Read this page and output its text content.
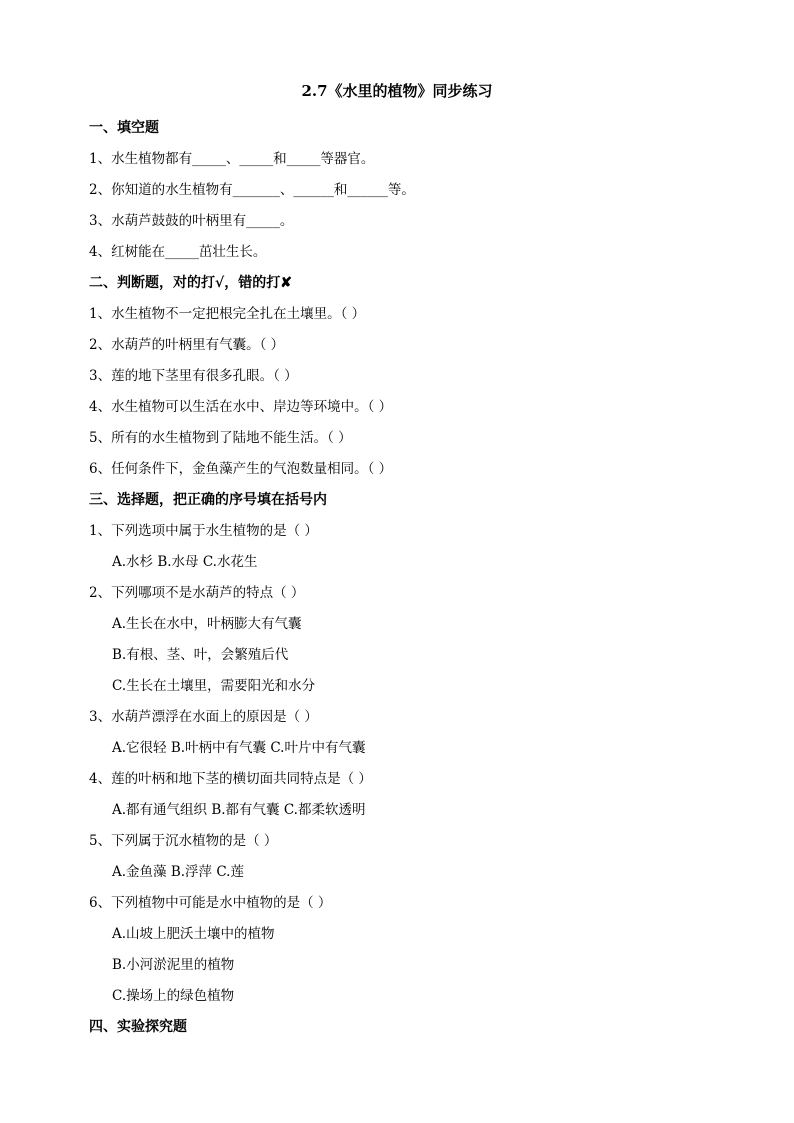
2.7《水里的植物》同步练习
一、填空题
1、水生植物都有_____、_____和_____等器官。
2、你知道的水生植物有_______、______和______等。
3、水葫芦鼓鼓的叶柄里有_____。
4、红树能在_____茁壮生长。
二、判断题，对的打√，错的打✘
1、水生植物不一定把根完全扎在土壤里。（ ）
2、水葫芦的叶柄里有气囊。（ ）
3、莲的地下茎里有很多孔眼。（ ）
4、水生植物可以生活在水中、岸边等环境中。（ ）
5、所有的水生植物到了陆地不能生活。（ ）
6、任何条件下，金鱼藻产生的气泡数量相同。（ ）
三、选择题，把正确的序号填在括号内
1、下列选项中属于水生植物的是（ ）
A.水杉 B.水母 C.水花生
2、下列哪项不是水葫芦的特点（ ）
A.生长在水中，叶柄膨大有气囊
B.有根、茎、叶，会繁殖后代
C.生长在土壤里，需要阳光和水分
3、水葫芦漂浮在水面上的原因是（ ）
A.它很轻 B.叶柄中有气囊 C.叶片中有气囊
4、莲的叶柄和地下茎的横切面共同特点是（ ）
A.都有通气组织 B.都有气囊 C.都柔软透明
5、下列属于沉水植物的是（ ）
A.金鱼藻 B.浮萍 C.莲
6、下列植物中可能是水中植物的是（ ）
A.山坡上肥沃土壤中的植物
B.小河淤泥里的植物
C.操场上的绿色植物
四、实验探究题
